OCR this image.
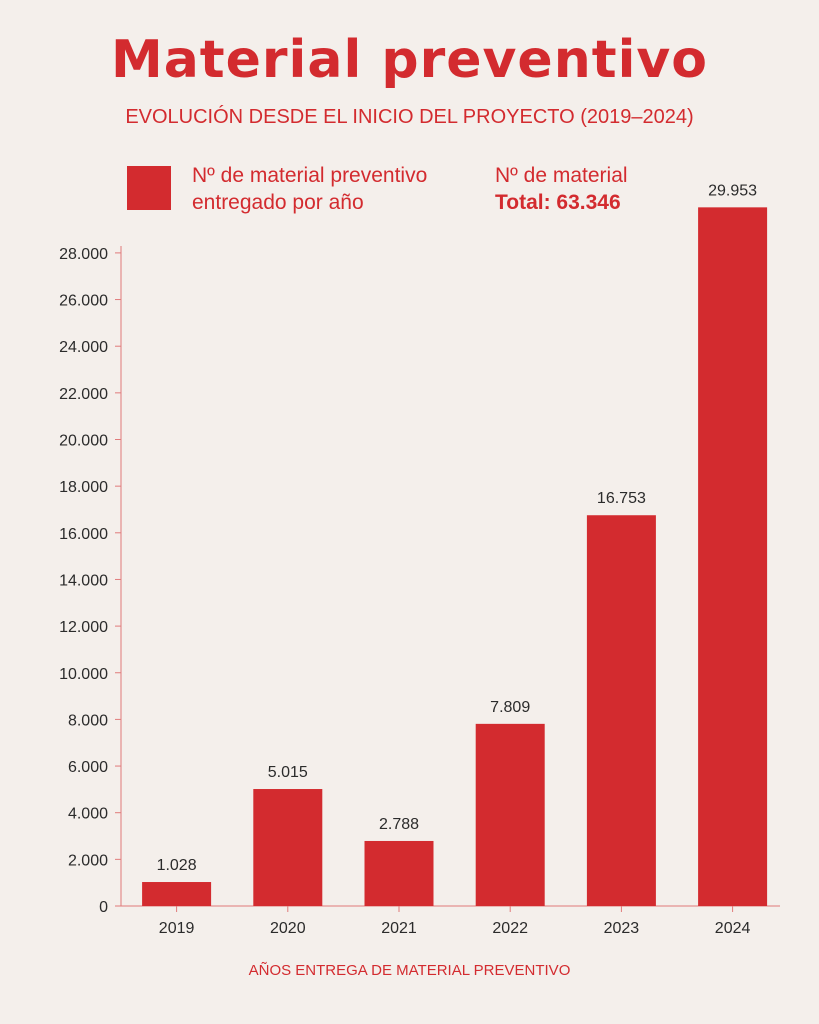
Material preventivo
EVOLUCIÓN DESDE EL INICIO DEL PROYECTO (2019–2024)
Nº de material preventivo entregado por año
Nº de material
Total: 63.346
0
2.000
4.000
6.000
8.000
10.000
12.000
14.000
16.000
18.000
20.000
22.000
24.000
26.000
28.000
1.028
2019
5.015
2020
2.788
2021
7.809
2022
16.753
2023
29.953
2024
AÑOS ENTREGA DE MATERIAL PREVENTIVO
